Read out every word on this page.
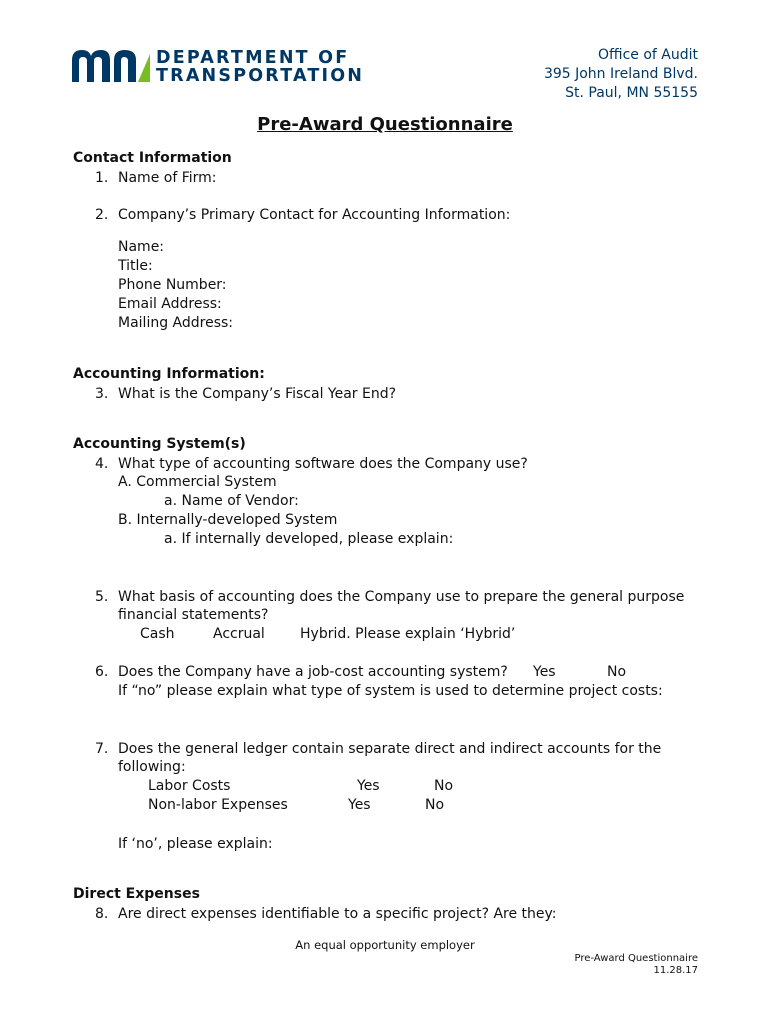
DEPARTMENT OF
TRANSPORTATION
Office of Audit
395 John Ireland Blvd.
St. Paul, MN 55155
Pre-Award Questionnaire
Contact Information
1. Name of Firm:
2. Company’s Primary Contact for Accounting Information:
Name:
Title:
Phone Number:
Email Address:
Mailing Address:
Accounting Information:
3. What is the Company’s Fiscal Year End?
Accounting System(s)
4. What type of accounting software does the Company use?
A. Commercial System
a. Name of Vendor:
B. Internally-developed System
a. If internally developed, please explain:
5. What basis of accounting does the Company use to prepare the general purpose
financial statements?
Cash	Accrual	Hybrid. Please explain ‘Hybrid’
6. Does the Company have a job-cost accounting system? Yes	No
If “no” please explain what type of system is used to determine project costs:
7. Does the general ledger contain separate direct and indirect accounts for the
following:
Labor Costs	Yes	No
Non-labor Expenses	Yes	No
If ‘no’, please explain:
Direct Expenses
8. Are direct expenses identifiable to a specific project? Are they:
An equal opportunity employer
Pre-Award Questionnaire
11.28.17
